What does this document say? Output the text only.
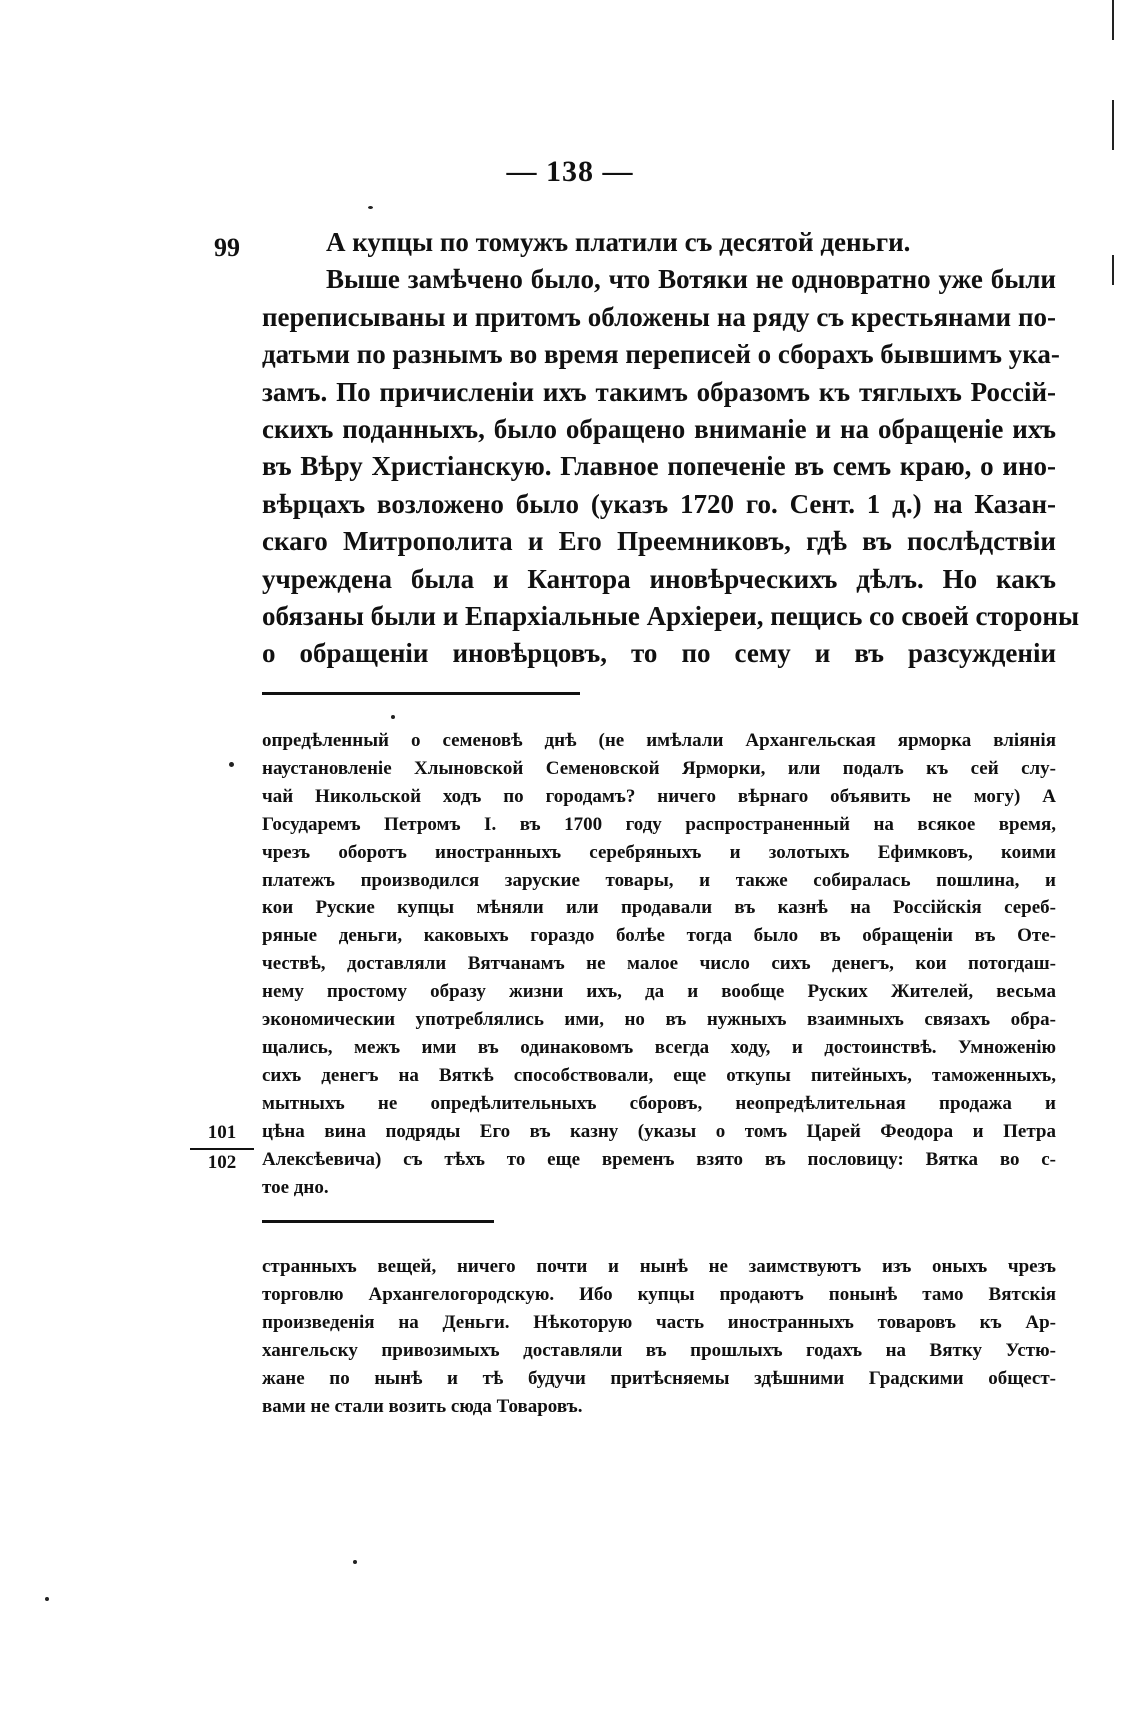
— 138 —
99	А купцы по томужъ платили съ десятой деньги.
Выше замѣчено было, что Вотяки не одновратно уже были
переписываны и притомъ обложены на ряду съ крестьянами по-
датьми по разнымъ во время переписей о сборахъ бывшимъ ука-
замъ. По причисленіи ихъ такимъ образомъ къ тяглыхъ Россій-
скихъ поданныхъ, было обращено вниманіе и на обращеніе ихъ
въ Вѣру Христіанскую. Главное попеченіе въ семъ краю, о ино-
вѣрцахъ возложено было (указъ 1720 го. Сент. 1 д.) на Казан-
скаго Митрополита и Его Преемниковъ, гдѣ въ послѣдствіи
учреждена была и Кантора иновѣрческихъ дѣлъ. Но какъ
обязаны были и Епархіальные Архіереи, пещись со своей стороны
о обращеніи иновѣрцовъ, то по сему и въ разсужденіи
опредѣленный о семеновѣ днѣ (не имѣлали Архангельская ярморка вліянія
наустановленіе Хлыновской Семеновской Ярморки, или подалъ къ сей слу-
чай Никольской ходъ по городамъ? ничего вѣрнаго объявить не могу) А
Государемъ Петромъ I. въ 1700 году распространенный на всякое время,
чрезъ оборотъ иностранныхъ серебряныхъ и золотыхъ Ефимковъ, коими
платежъ производился заруские товары, и также собиралась пошлина, и
кои Руские купцы мѣняли или продавали въ казнѣ на Россійскія сереб-
ряные деньги, каковыхъ гораздо болѣе тогда было въ обращеніи въ Оте-
чествѣ, доставляли Вятчанамъ не малое число сихъ денегъ, кои потогдаш-
нему простому образу жизни ихъ, да и вообще Руских Жителей, весьма
экономическии употреблялись ими, но въ нужныхъ взаимныхъ связахъ обра-
щались, межъ ими въ одинаковомъ всегда ходу, и достоинствѣ. Умноженію
сихъ денегъ на Вяткѣ способствовали, еще откупы питейныхъ, таможенныхъ,
мытныхъ не опредѣлительныхъ сборовъ, неопредѣлительная продажа и
цѣна вина подряды Его въ казну (указы о томъ Царей Феодора и Петра
Алексѣевича) съ тѣхъ то еще временъ взято въ пословицу: Вятка во с-
тое дно.
101
102
странныхъ вещей, ничего почти и нынѣ не заимствуютъ изъ оныхъ чрезъ
торговлю Архангелогородскую. Ибо купцы продаютъ понынѣ тамо Вятскія
произведенія на Деньги. Нѣкоторую часть иностранныхъ товаровъ къ Ар-
хангельску привозимыхъ доставляли въ прошлыхъ годахъ на Вятку Устю-
жане по нынѣ и тѣ будучи притѣсняемы здѣшними Градскими общест-
вами не стали возить сюда Товаровъ.
